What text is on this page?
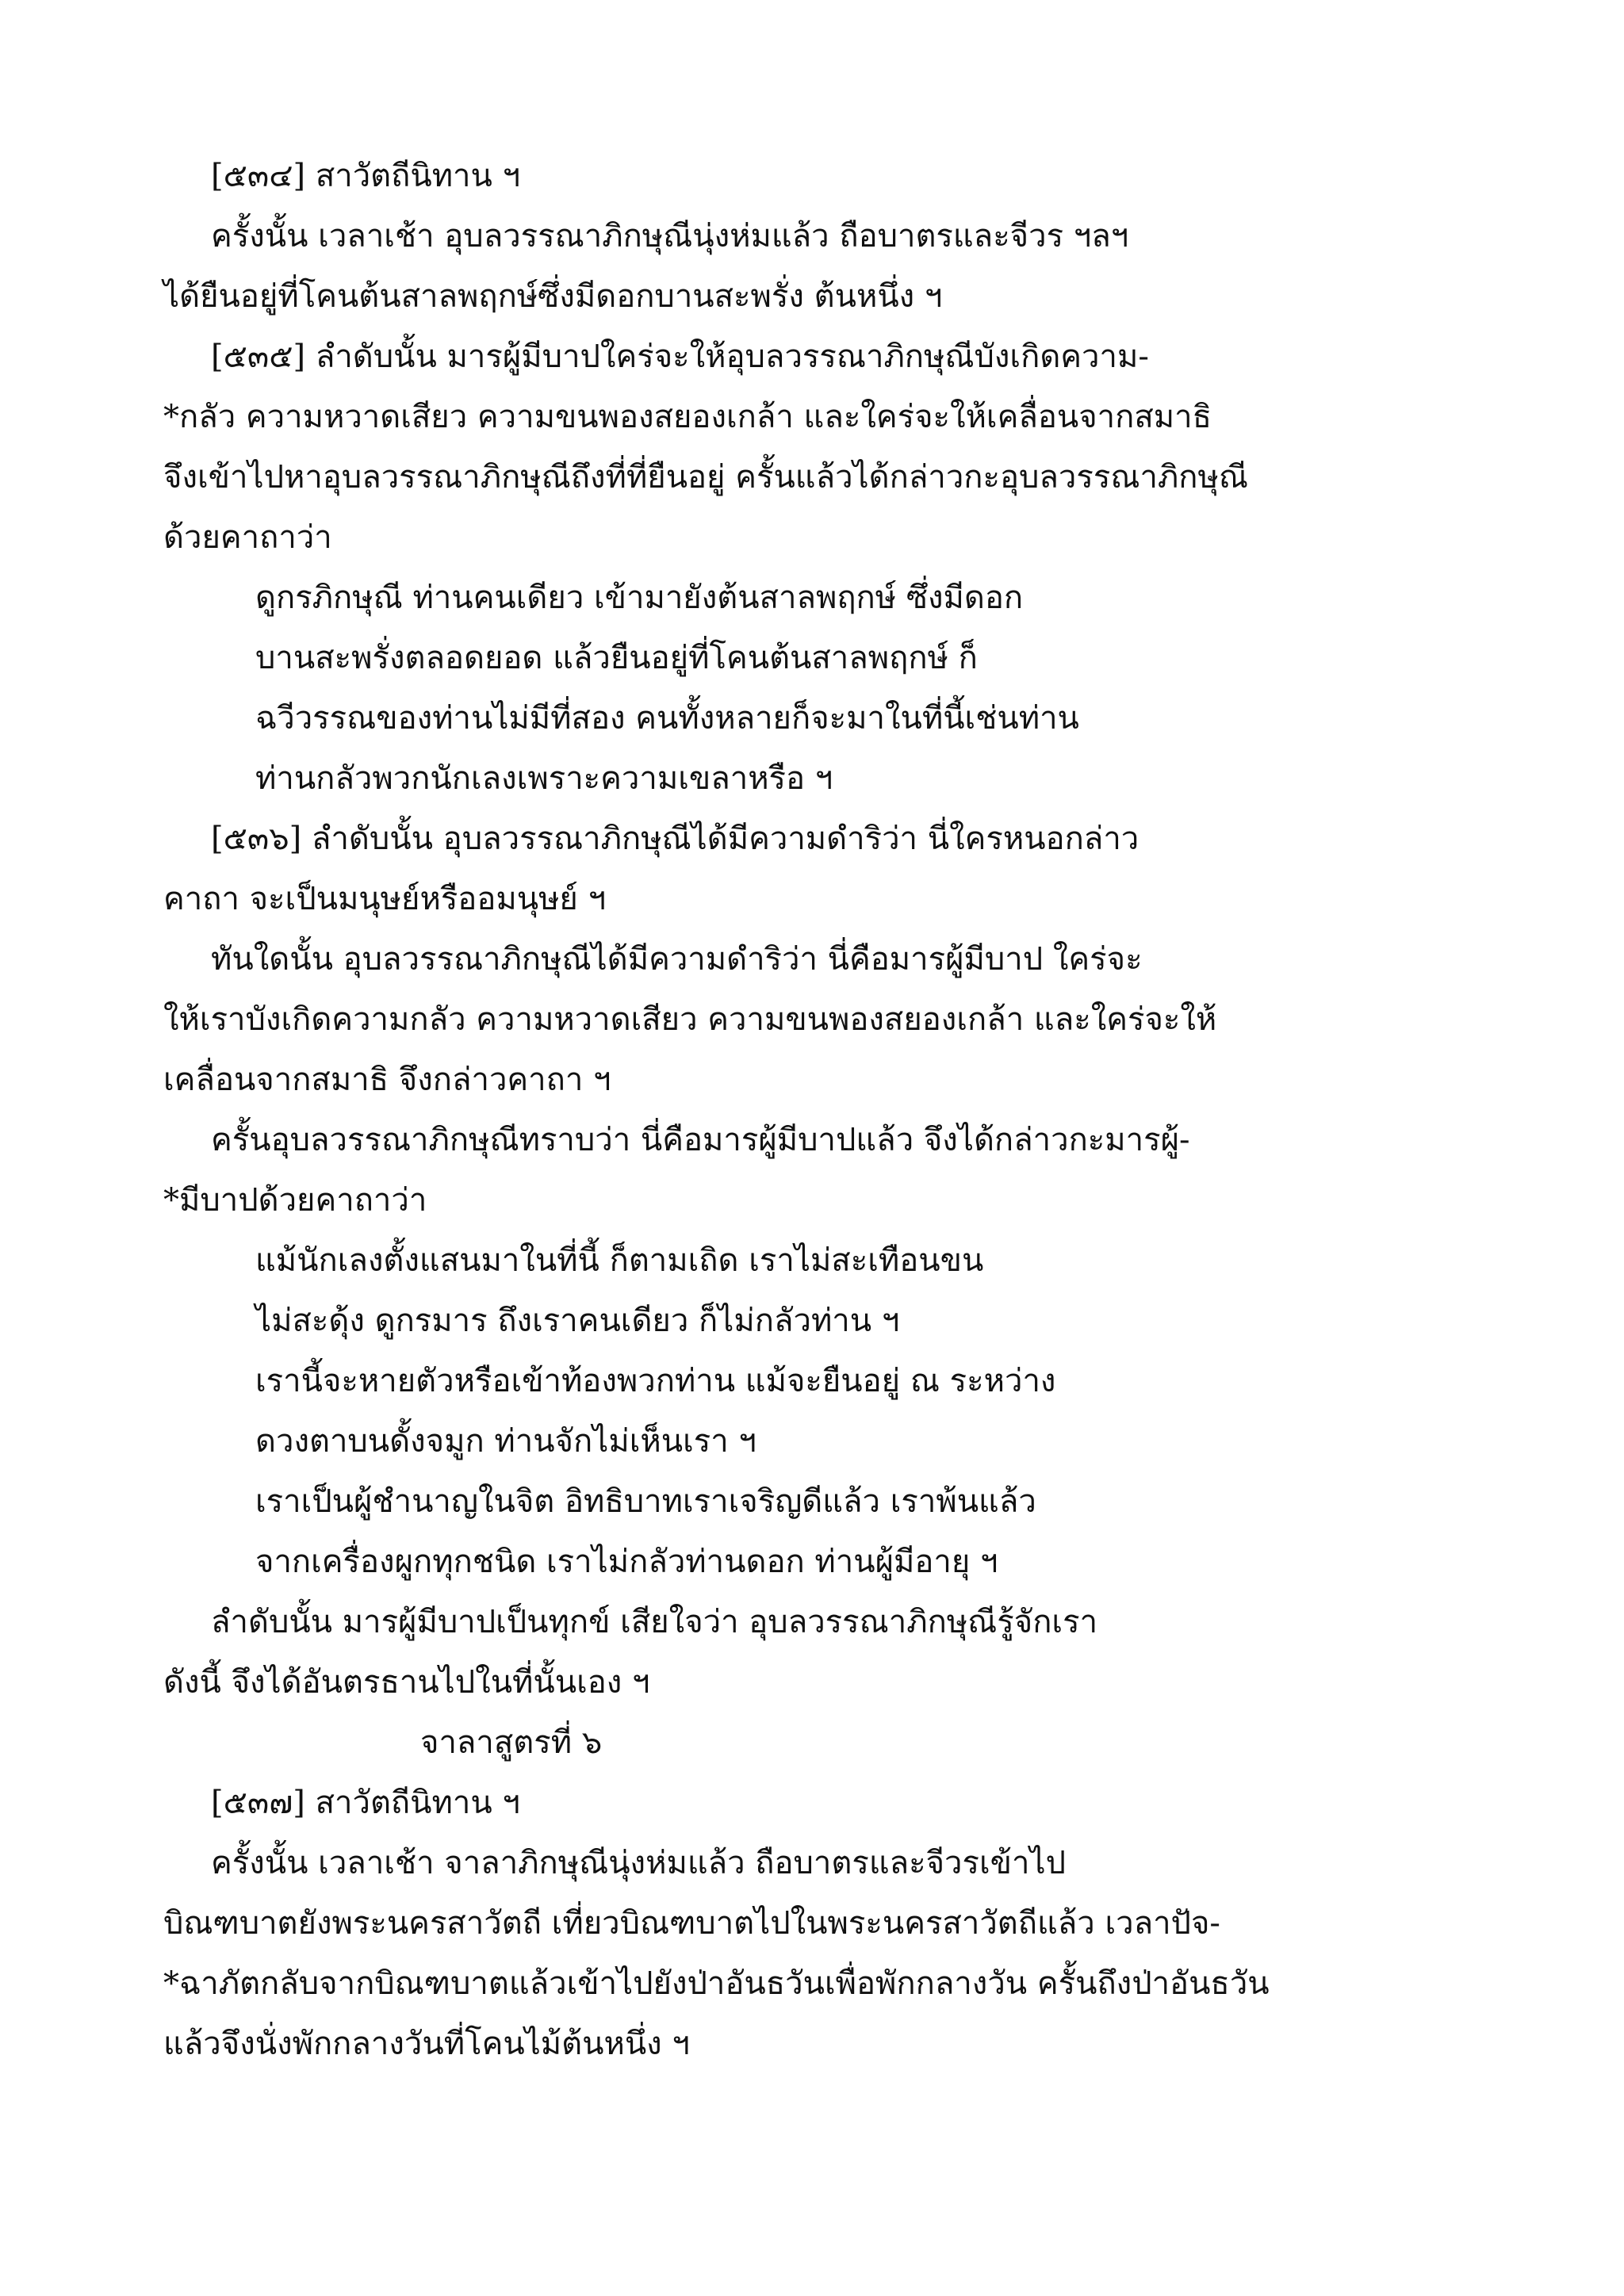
[๕๓๔] สาวัตถีนิทาน ฯ
ครั้งนั้น เวลาเช้า อุบลวรรณาภิกษุณีนุ่งห่มแล้ว ถือบาตรและจีวร ฯลฯ
ได้ยืนอยู่ที่โคนต้นสาลพฤกษ์ซึ่งมีดอกบานสะพรั่ง ต้นหนึ่ง ฯ
[๕๓๕] ลำดับนั้น มารผู้มีบาปใคร่จะให้อุบลวรรณาภิกษุณีบังเกิดความ-
*กลัว ความหวาดเสียว ความขนพองสยองเกล้า และใคร่จะให้เคลื่อนจากสมาธิ
จึงเข้าไปหาอุบลวรรณาภิกษุณีถึงที่ที่ยืนอยู่ ครั้นแล้วได้กล่าวกะอุบลวรรณาภิกษุณี
ด้วยคาถาว่า
ดูกรภิกษุณี ท่านคนเดียว เข้ามายังต้นสาลพฤกษ์ ซึ่งมีดอก
บานสะพรั่งตลอดยอด แล้วยืนอยู่ที่โคนต้นสาลพฤกษ์ ก็
ฉวีวรรณของท่านไม่มีที่สอง คนทั้งหลายก็จะมาในที่นี้เช่นท่าน
ท่านกลัวพวกนักเลงเพราะความเขลาหรือ ฯ
[๕๓๖] ลำดับนั้น อุบลวรรณาภิกษุณีได้มีความดำริว่า นี่ใครหนอกล่าว
คาถา จะเป็นมนุษย์หรืออมนุษย์ ฯ
ทันใดนั้น อุบลวรรณาภิกษุณีได้มีความดำริว่า นี่คือมารผู้มีบาป ใคร่จะ
ให้เราบังเกิดความกลัว ความหวาดเสียว ความขนพองสยองเกล้า และใคร่จะให้
เคลื่อนจากสมาธิ จึงกล่าวคาถา ฯ
ครั้นอุบลวรรณาภิกษุณีทราบว่า นี่คือมารผู้มีบาปแล้ว จึงได้กล่าวกะมารผู้-
*มีบาปด้วยคาถาว่า
แม้นักเลงตั้งแสนมาในที่นี้ ก็ตามเถิด เราไม่สะเทือนขน
ไม่สะดุ้ง ดูกรมาร ถึงเราคนเดียว ก็ไม่กลัวท่าน ฯ
เรานี้จะหายตัวหรือเข้าท้องพวกท่าน แม้จะยืนอยู่ ณ ระหว่าง
ดวงตาบนดั้งจมูก ท่านจักไม่เห็นเรา ฯ
เราเป็นผู้ชำนาญในจิต อิทธิบาทเราเจริญดีแล้ว เราพ้นแล้ว
จากเครื่องผูกทุกชนิด เราไม่กลัวท่านดอก ท่านผู้มีอายุ ฯ
ลำดับนั้น มารผู้มีบาปเป็นทุกข์ เสียใจว่า อุบลวรรณาภิกษุณีรู้จักเรา
ดังนี้ จึงได้อันตรธานไปในที่นั้นเอง ฯ
จาลาสูตรที่ ๖
[๕๓๗] สาวัตถีนิทาน ฯ
ครั้งนั้น เวลาเช้า จาลาภิกษุณีนุ่งห่มแล้ว ถือบาตรและจีวรเข้าไป
บิณฑบาตยังพระนครสาวัตถี เที่ยวบิณฑบาตไปในพระนครสาวัตถีแล้ว เวลาปัจ-
*ฉาภัตกลับจากบิณฑบาตแล้วเข้าไปยังป่าอันธวันเพื่อพักกลางวัน ครั้นถึงป่าอันธวัน
แล้วจึงนั่งพักกลางวันที่โคนไม้ต้นหนึ่ง ฯ
